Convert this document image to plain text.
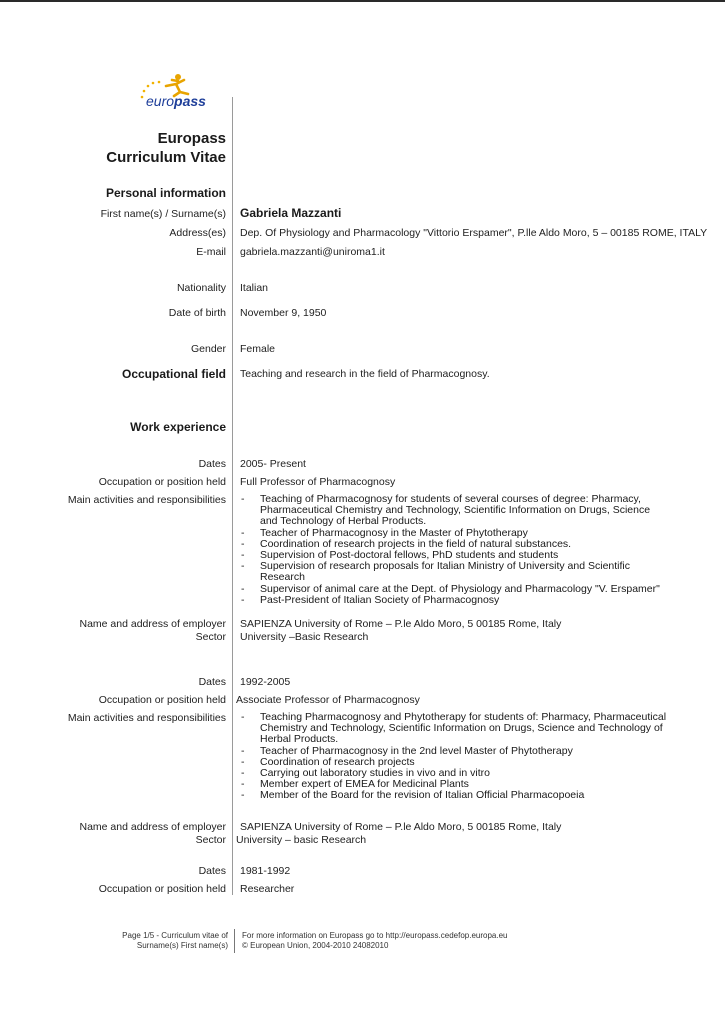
europass
Europass
Curriculum Vitae
Personal information
First name(s) / Surname(s) Gabriela Mazzanti
Address(es) Dep. Of Physiology and Pharmacology "Vittorio Erspamer", P.lle Aldo Moro, 5 – 00185 ROME, ITALY
E-mail gabriela.mazzanti@uniroma1.it
Nationality Italian
Date of birth November 9, 1950
Gender Female
Occupational field Teaching and research in the field of Pharmacognosy.
Work experience
Dates 2005- Present
Occupation or position held Full Professor of Pharmacognosy
Main activities and responsibilities	- Teaching of Pharmacognosy for students of several courses of degree: Pharmacy, Pharmaceutical Chemistry and Technology, Scientific Information on Drugs, Science and Technology of Herbal Products.
- Teacher of Pharmacognosy in the Master of Phytotherapy
- Coordination of research projects in the field of natural substances.
- Supervision of Post-doctoral fellows, PhD students and students
- Supervision of research proposals for Italian Ministry of University and Scientific Research
- Supervisor of animal care at the Dept. of Physiology and Pharmacology "V. Erspamer"
- Past-President of Italian Society of Pharmacognosy
Name and address of employer SAPIENZA University of Rome – P.le Aldo Moro, 5 00185 Rome, Italy
Sector University –Basic Research
Dates 1992-2005
Occupation or position held Associate Professor of Pharmacognosy
Main activities and responsibilities	- Teaching Pharmacognosy and Phytotherapy for students of: Pharmacy, Pharmaceutical Chemistry and Technology, Scientific Information on Drugs, Science and Technology of Herbal Products.
- Teacher of Pharmacognosy in the 2nd level Master of Phytotherapy
- Coordination of research projects
- Carrying out laboratory studies in vivo and in vitro
- Member expert of EMEA for Medicinal Plants
- Member of the Board for the revision of Italian Official Pharmacopoeia
Name and address of employer SAPIENZA University of Rome – P.le Aldo Moro, 5 00185 Rome, Italy
Sector University – basic Research
Dates 1981-1992
Occupation or position held Researcher
Page 1/5 - Curriculum vitae of
Surname(s) First name(s)
For more information on Europass go to http://europass.cedefop.europa.eu
© European Union, 2004-2010 24082010
